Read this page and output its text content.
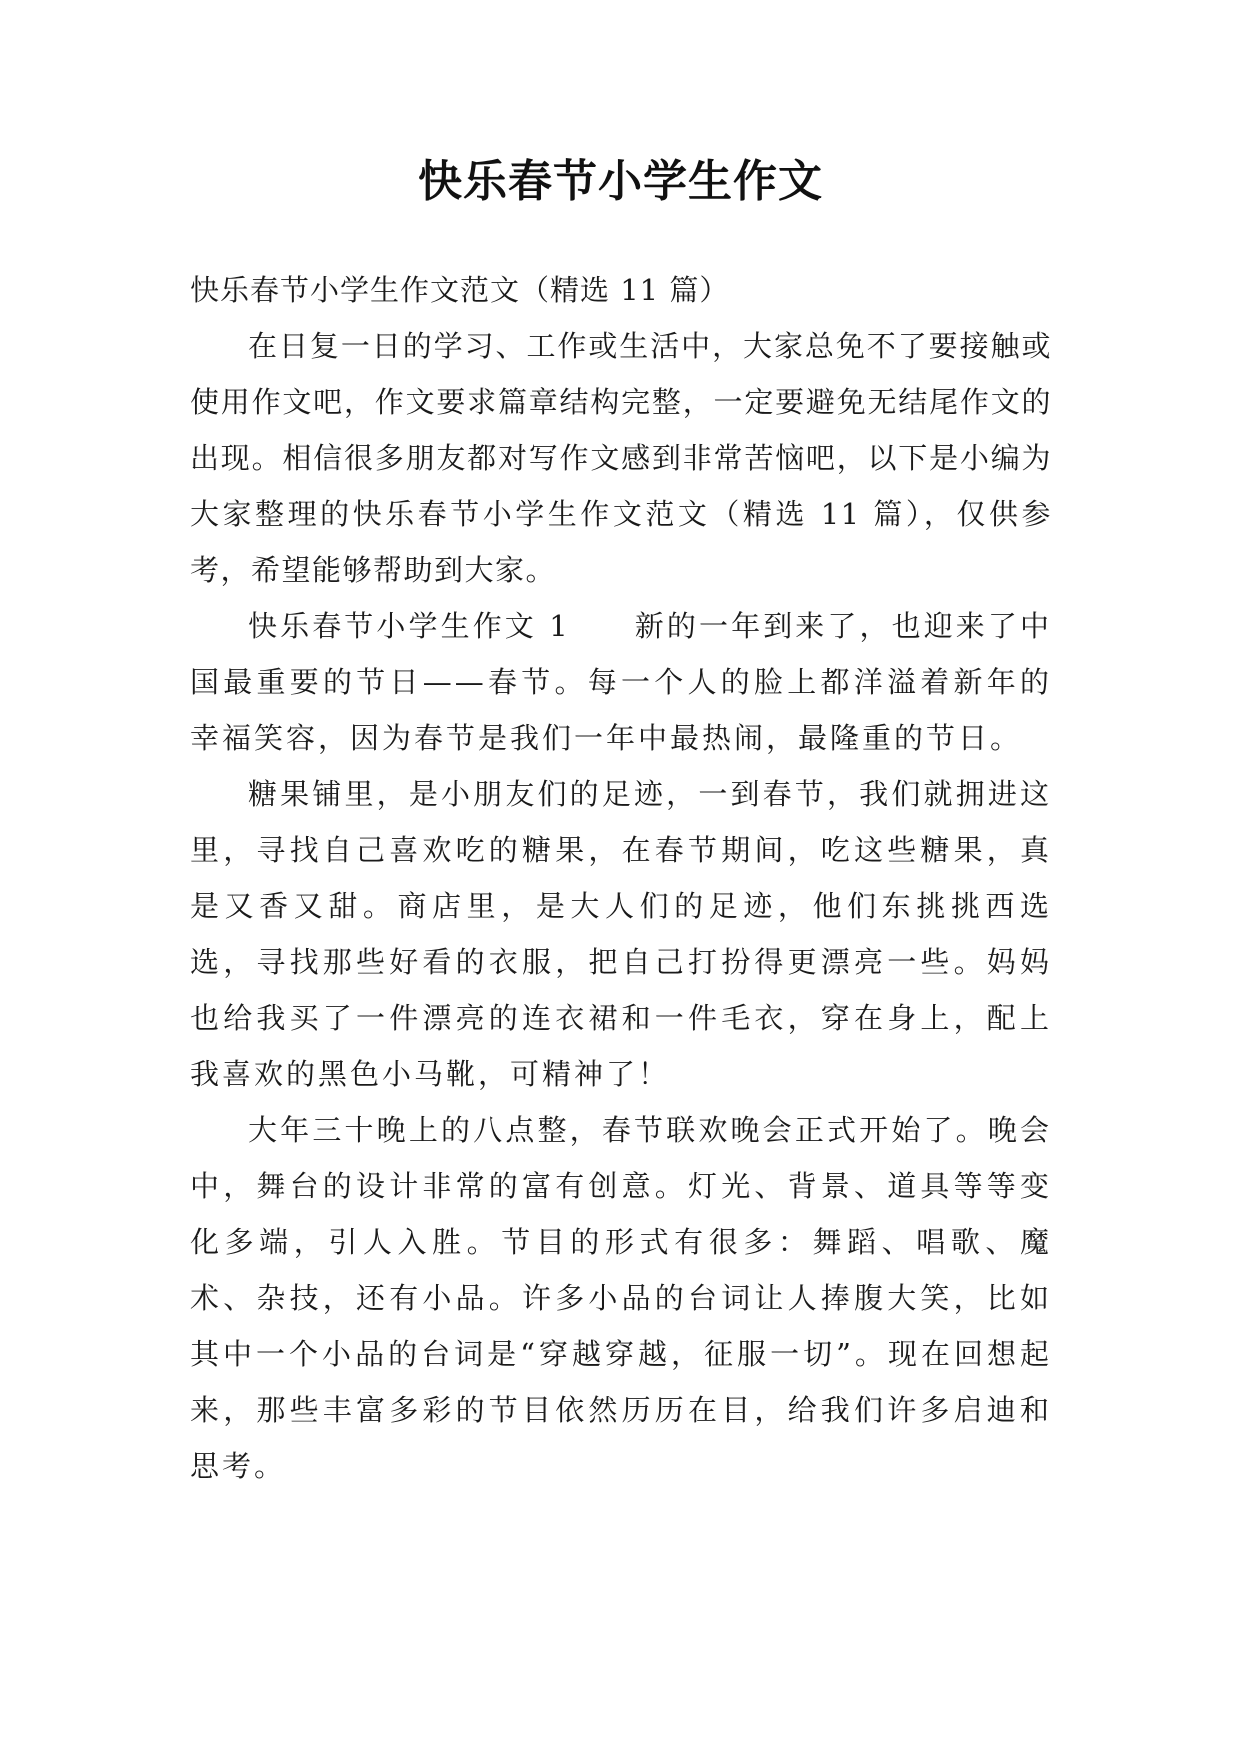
快乐春节小学生作文

快乐春节小学生作文范文（精选 11 篇）

在日复一日的学习、工作或生活中，大家总免不了要接触或使用作文吧，作文要求篇章结构完整，一定要避免无结尾作文的出现。相信很多朋友都对写作文感到非常苦恼吧，以下是小编为大家整理的快乐春节小学生作文范文（精选 11 篇），仅供参考，希望能够帮助到大家。

快乐春节小学生作文 1 新的一年到来了，也迎来了中国最重要的节日——春节。每一个人的脸上都洋溢着新年的幸福笑容，因为春节是我们一年中最热闹，最隆重的节日。

糖果铺里，是小朋友们的足迹，一到春节，我们就拥进这里，寻找自己喜欢吃的糖果，在春节期间，吃这些糖果，真是又香又甜。商店里，是大人们的足迹，他们东挑挑西选选，寻找那些好看的衣服，把自己打扮得更漂亮一些。妈妈也给我买了一件漂亮的连衣裙和一件毛衣，穿在身上，配上我喜欢的黑色小马靴，可精神了！

大年三十晚上的八点整，春节联欢晚会正式开始了。晚会中，舞台的设计非常的富有创意。灯光、背景、道具等等变化多端，引人入胜。节目的形式有很多：舞蹈、唱歌、魔术、杂技，还有小品。许多小品的台词让人捧腹大笑，比如其中一个小品的台词是“穿越穿越，征服一切”。现在回想起来，那些丰富多彩的节目依然历历在目，给我们许多启迪和思考。
